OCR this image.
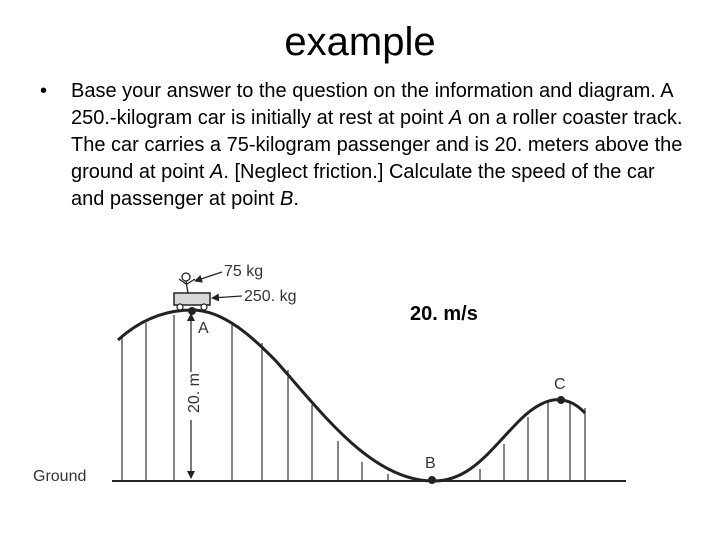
example
• Base your answer to the question on the information and diagram. A 250.-kilogram car is initially at rest at point A on a roller coaster track. The car carries a 75-kilogram passenger and is 20. meters above the ground at point A. [Neglect friction.] Calculate the speed of the car and passenger at point B.
75 kg
250. kg
A
B
C
20. m
Ground
20. m/s
